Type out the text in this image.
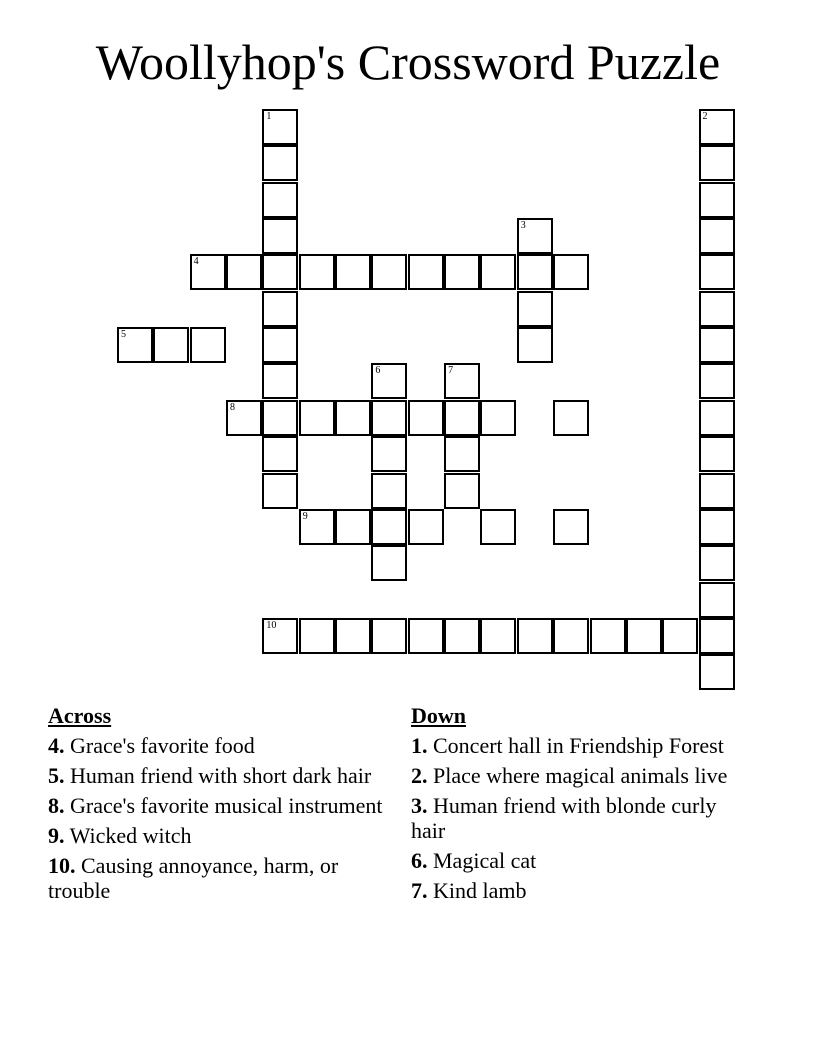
Woollyhop's Crossword Puzzle
1	2
3
4
5
6	7
8
9
10
Across
4. Grace's favorite food
5. Human friend with short dark hair
8. Grace's favorite musical instrument
9. Wicked witch
10. Causing annoyance, harm, or trouble
Down
1. Concert hall in Friendship Forest
2. Place where magical animals live
3. Human friend with blonde curly hair
6. Magical cat
7. Kind lamb
